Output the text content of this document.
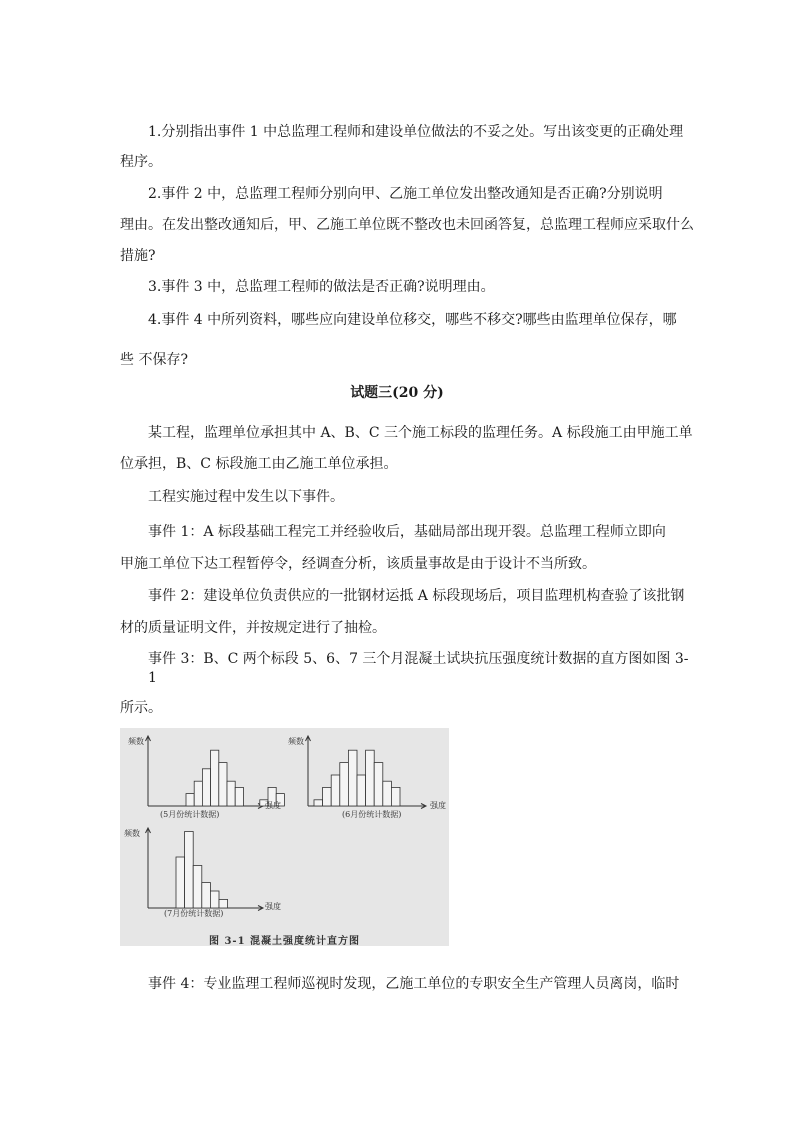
1.分别指出事件 1 中总监理工程师和建设单位做法的不妥之处。写出该变更的正确处理
程序。
2.事件 2 中，总监理工程师分别向甲、乙施工单位发出整改通知是否正确?分别说明
理由。在发出整改通知后，甲、乙施工单位既不整改也未回函答复，总监理工程师应采取什么
措施?
3.事件 3 中，总监理工程师的做法是否正确?说明理由。
4.事件 4 中所列资料，哪些应向建设单位移交，哪些不移交?哪些由监理单位保存，哪
些 不保存?
试题三(20 分)
某工程，监理单位承担其中 A、B、C 三个施工标段的监理任务。A 标段施工由甲施工单
位承担，B、C 标段施工由乙施工单位承担。
工程实施过程中发生以下事件。
事件 1：A 标段基础工程完工并经验收后，基础局部出现开裂。总监理工程师立即向
甲施工单位下达工程暂停令，经调查分析，该质量事故是由于设计不当所致。
事件 2：建设单位负责供应的一批钢材运抵 A 标段现场后，项目监理机构查验了该批钢
材的质量证明文件，并按规定进行了抽检。
事件 3：B、C 两个标段 5、6、7 三个月混凝土试块抗压强度统计数据的直方图如图 3-
1
所示。
频数
强度
(5月份统计数据)
频数
强度
(6月份统计数据)
频数
强度
(7月份统计数据)
图 3-1 混凝土强度统计直方图
事件 4：专业监理工程师巡视时发现，乙施工单位的专职安全生产管理人员离岗，临时
